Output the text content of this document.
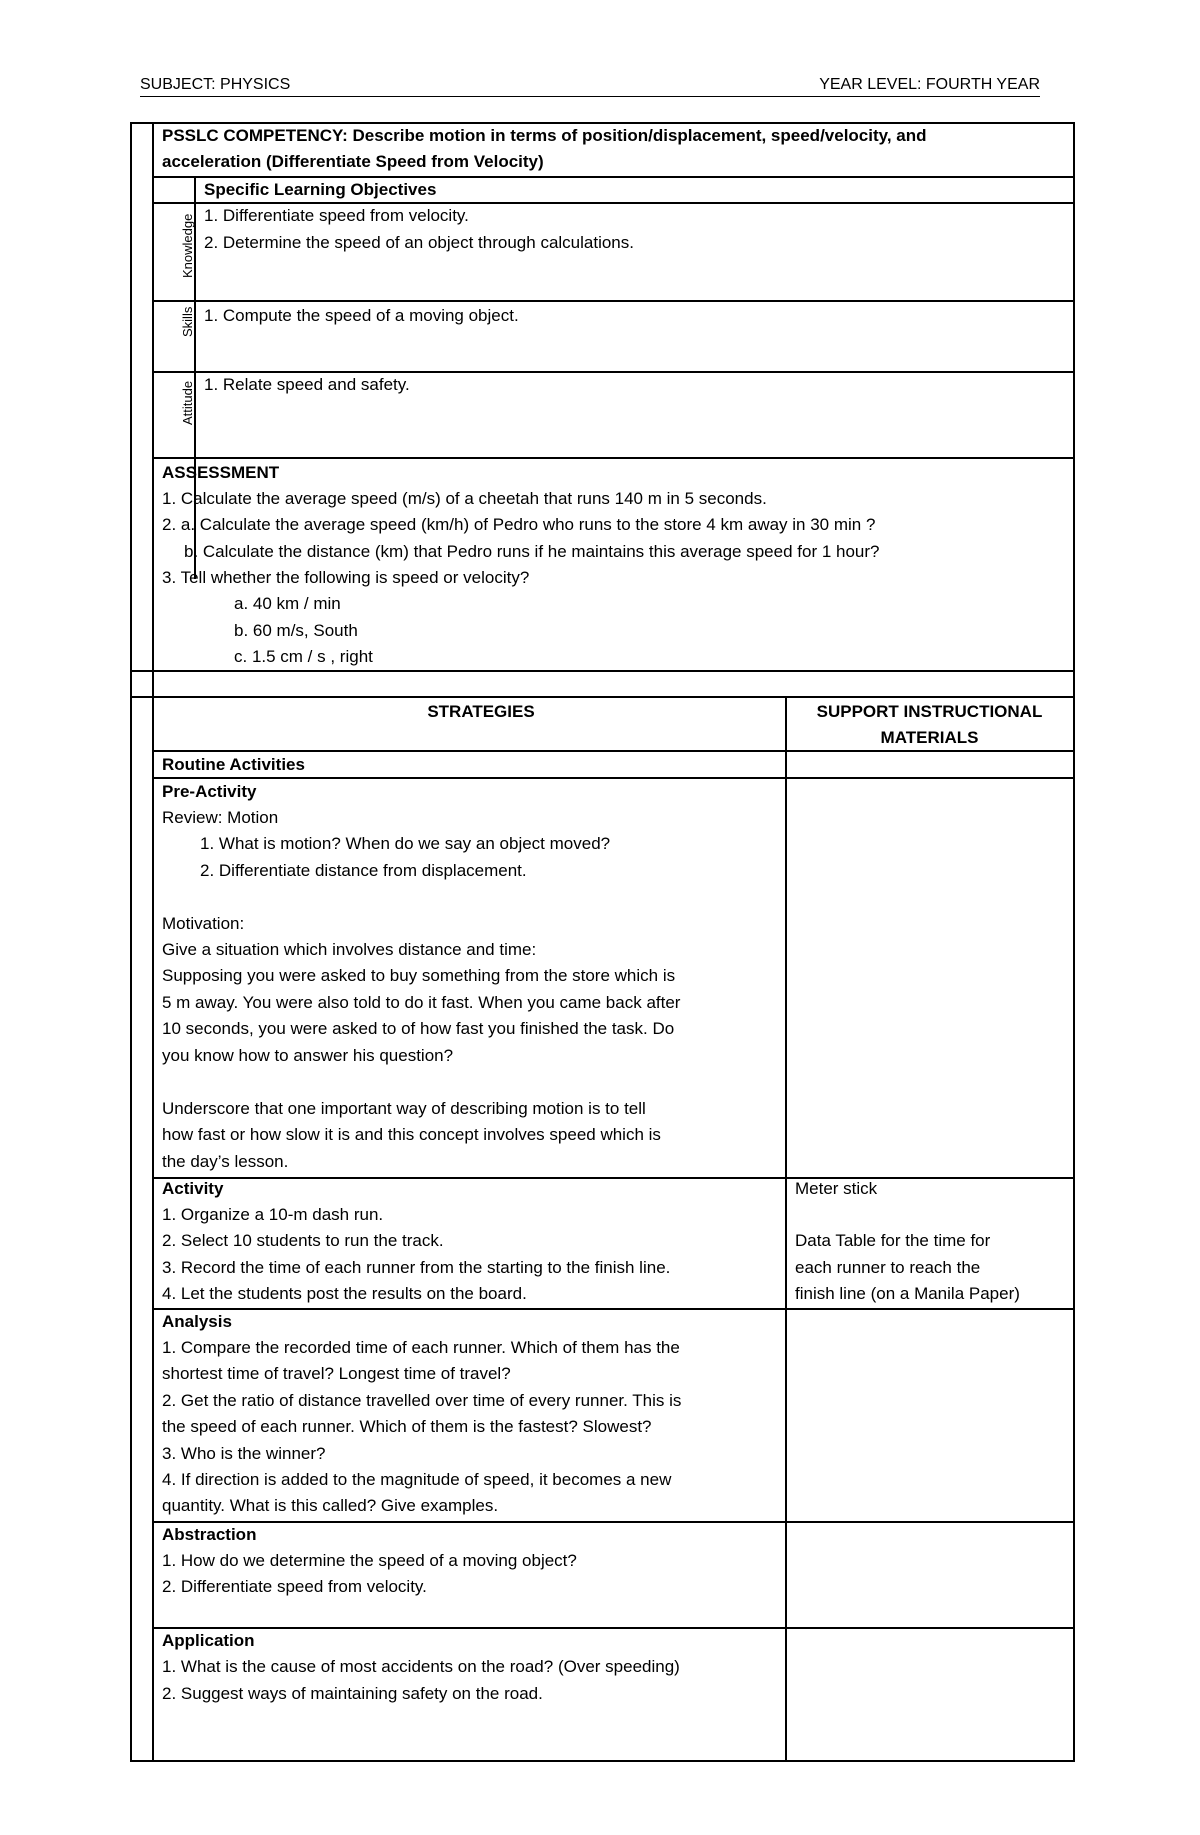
SUBJECT: PHYSICS	YEAR LEVEL: FOURTH YEAR
PSSLC COMPETENCY: Describe motion in terms of position/displacement, speed/velocity, and
acceleration (Differentiate Speed from Velocity)
Specific Learning Objectives
Knowledge 1. Differentiate speed from velocity.
2. Determine the speed of an object through calculations.
Skills 1. Compute the speed of a moving object.
Attitude 1. Relate speed and safety.
ASSESSMENT
1. Calculate the average speed (m/s) of a cheetah that runs 140 m in 5 seconds.
2. a. Calculate the average speed (km/h) of Pedro who runs to the store 4 km away in 30 min ?
b. Calculate the distance (km) that Pedro runs if he maintains this average speed for 1 hour?
3. Tell whether the following is speed or velocity?
a. 40 km / min
b. 60 m/s, South
c. 1.5 cm / s , right
STRATEGIES	SUPPORT INSTRUCTIONAL
MATERIALS
Routine Activities
Pre-Activity
Review: Motion
1. What is motion? When do we say an object moved?
2. Differentiate distance from displacement.
Motivation:
Give a situation which involves distance and time:
Supposing you were asked to buy something from the store which is
5 m away. You were also told to do it fast. When you came back after
10 seconds, you were asked to of how fast you finished the task. Do
you know how to answer his question?
Underscore that one important way of describing motion is to tell
how fast or how slow it is and this concept involves speed which is
the day’s lesson.
Activity
1. Organize a 10-m dash run.
2. Select 10 students to run the track.
3. Record the time of each runner from the starting to the finish line.
4. Let the students post the results on the board.
Meter stick
Data Table for the time for
each runner to reach the
finish line (on a Manila Paper)
Analysis
1. Compare the recorded time of each runner. Which of them has the
shortest time of travel? Longest time of travel?
2. Get the ratio of distance travelled over time of every runner. This is
the speed of each runner. Which of them is the fastest? Slowest?
3. Who is the winner?
4. If direction is added to the magnitude of speed, it becomes a new
quantity. What is this called? Give examples.
Abstraction
1. How do we determine the speed of a moving object?
2. Differentiate speed from velocity.
Application
1. What is the cause of most accidents on the road? (Over speeding)
2. Suggest ways of maintaining safety on the road.
